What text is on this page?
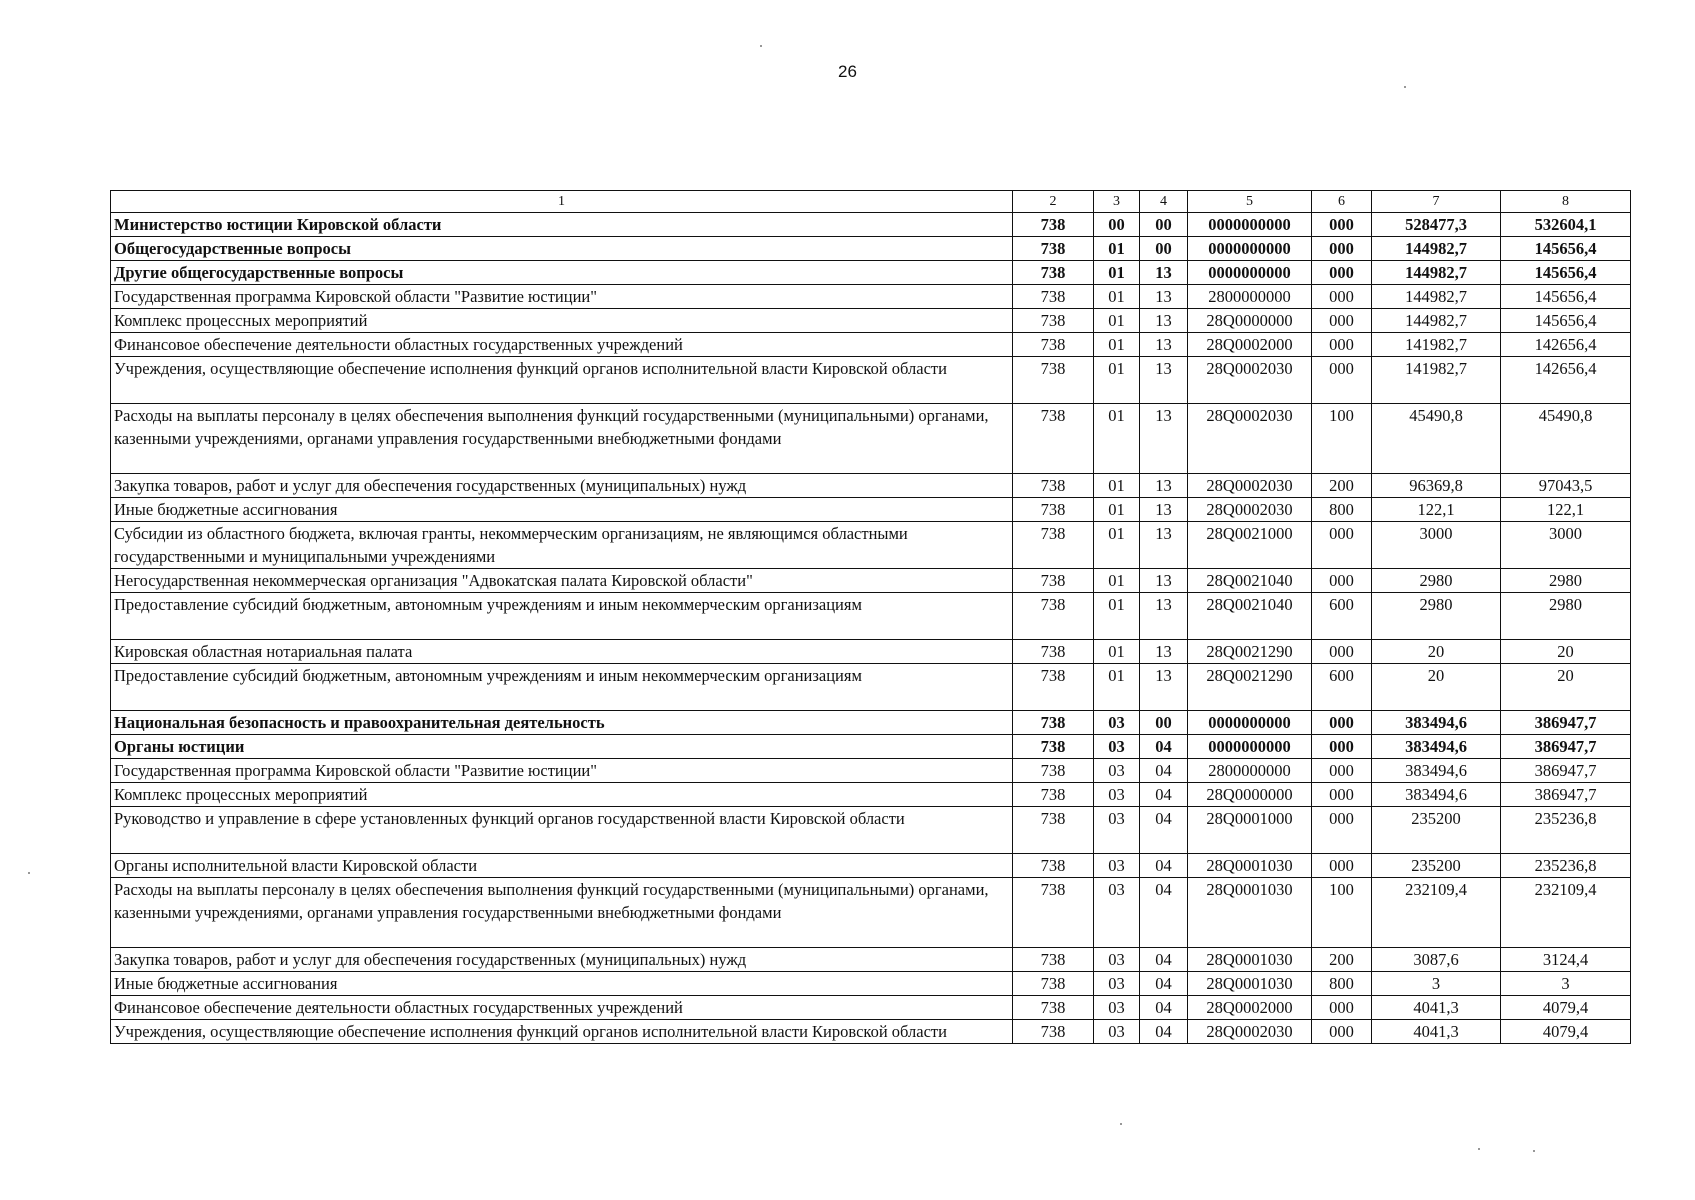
26
1	2	3	4	5	6	7	8
Министерство юстиции Кировской области	738	00	00	0000000000	000	528477,3	532604,1
Общегосударственные вопросы	738	01	00	0000000000	000	144982,7	145656,4
Другие общегосударственные вопросы	738	01	13	0000000000	000	144982,7	145656,4
Государственная программа Кировской области "Развитие юстиции"	738	01	13	2800000000	000	144982,7	145656,4
Комплекс процессных мероприятий	738	01	13	28Q0000000	000	144982,7	145656,4
Финансовое обеспечение деятельности областных государственных учреждений	738	01	13	28Q0002000	000	141982,7	142656,4
Учреждения, осуществляющие обеспечение исполнения функций органов исполнительной власти Кировской области	738	01	13	28Q0002030	000	141982,7	142656,4
Расходы на выплаты персоналу в целях обеспечения выполнения функций государственными (муниципальными) органами, казенными учреждениями, органами управления государственными внебюджетными фондами	738	01	13	28Q0002030	100	45490,8	45490,8
Закупка товаров, работ и услуг для обеспечения государственных (муниципальных) нужд	738	01	13	28Q0002030	200	96369,8	97043,5
Иные бюджетные ассигнования	738	01	13	28Q0002030	800	122,1	122,1
Субсидии из областного бюджета, включая гранты, некоммерческим организациям, не являющимся областными государственными и муниципальными учреждениями	738	01	13	28Q0021000	000	3000	3000
Негосударственная некоммерческая организация "Адвокатская палата Кировской области"	738	01	13	28Q0021040	000	2980	2980
Предоставление субсидий бюджетным, автономным учреждениям и иным некоммерческим организациям	738	01	13	28Q0021040	600	2980	2980
Кировская областная нотариальная палата	738	01	13	28Q0021290	000	20	20
Предоставление субсидий бюджетным, автономным учреждениям и иным некоммерческим организациям	738	01	13	28Q0021290	600	20	20
Национальная безопасность и правоохранительная деятельность	738	03	00	0000000000	000	383494,6	386947,7
Органы юстиции	738	03	04	0000000000	000	383494,6	386947,7
Государственная программа Кировской области "Развитие юстиции"	738	03	04	2800000000	000	383494,6	386947,7
Комплекс процессных мероприятий	738	03	04	28Q0000000	000	383494,6	386947,7
Руководство и управление в сфере установленных функций органов государственной власти Кировской области	738	03	04	28Q0001000	000	235200	235236,8
Органы исполнительной власти Кировской области	738	03	04	28Q0001030	000	235200	235236,8
Расходы на выплаты персоналу в целях обеспечения выполнения функций государственными (муниципальными) органами, казенными учреждениями, органами управления государственными внебюджетными фондами	738	03	04	28Q0001030	100	232109,4	232109,4
Закупка товаров, работ и услуг для обеспечения государственных (муниципальных) нужд	738	03	04	28Q0001030	200	3087,6	3124,4
Иные бюджетные ассигнования	738	03	04	28Q0001030	800	3	3
Финансовое обеспечение деятельности областных государственных учреждений	738	03	04	28Q0002000	000	4041,3	4079,4
Учреждения, осуществляющие обеспечение исполнения функций органов исполнительной власти Кировской области	738	03	04	28Q0002030	000	4041,3	4079,4
